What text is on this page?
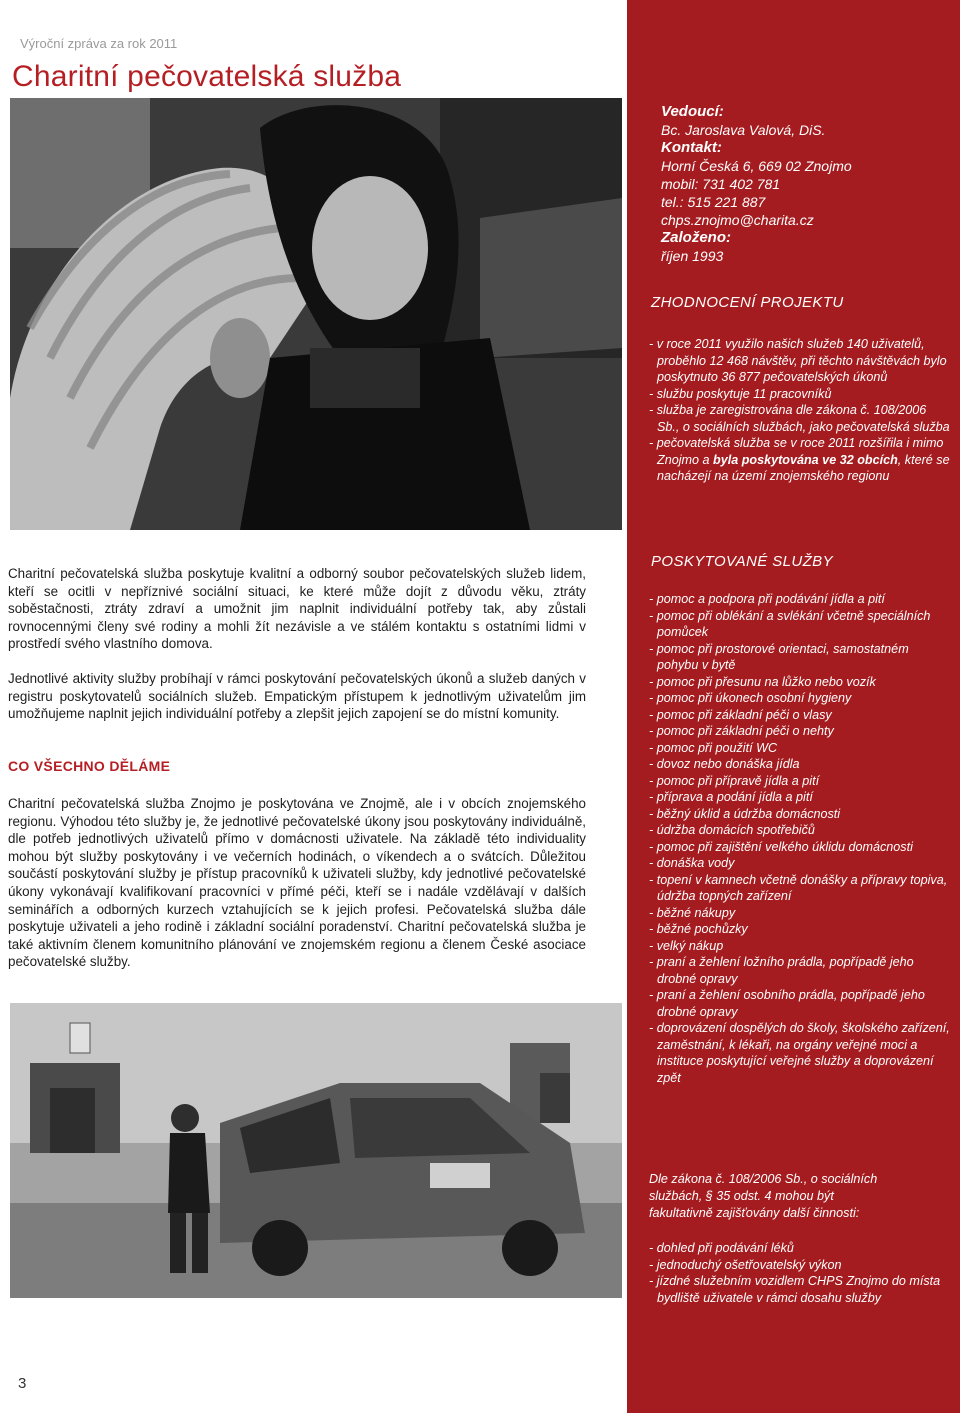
Výroční zpráva za rok 2011
Charitní pečovatelská služba

Charitní pečovatelská služba poskytuje kvalitní a odborný soubor pečovatelských služeb lidem, kteří se ocitli v nepříznivé sociální situaci, ke které může dojít z důvodu věku, ztráty soběstačnosti, ztráty zdraví a umožnit jim naplnit individuální potřeby tak, aby zůstali rovnocennými členy své rodiny a mohli žít nezávisle a ve stálém kontaktu s ostatními lidmi v prostředí svého vlastního domova.

Jednotlivé aktivity služby probíhají v rámci poskytování pečovatelských úkonů a služeb daných v registru poskytovatelů sociálních služeb. Empatickým přístupem k jednotlivým uživatelům jim umožňujeme naplnit jejich individuální potřeby a zlepšit jejich zapojení se do místní komunity.

CO VŠECHNO DĚLÁME

Charitní pečovatelská služba Znojmo je poskytována ve Znojmě, ale i v obcích znojemského regionu. Výhodou této služby je, že jednotlivé pečovatelské úkony jsou poskytovány individuálně, dle potřeb jednotlivých uživatelů přímo v domácnosti uživatele. Na základě této individuality mohou být služby poskytovány i ve večerních hodinách, o víkendech a o svátcích. Důležitou součástí poskytování služby je přístup pracovníků k uživateli služby, kdy jednotlivé pečovatelské úkony vykonávají kvalifikovaní pracovníci v přímé péči, kteří se i nadále vzdělávají v dalších seminářích a odborných kurzech vztahujících se k jejich profesi. Pečovatelská služba dále poskytuje uživateli a jeho rodině i základní sociální poradenství. Charitní pečovatelská služba je také aktivním členem komunitního plánování ve znojemském regionu a členem České asociace pečovatelské služby.

3
Vedoucí:
Bc. Jaroslava Valová, DiS.
Kontakt:
Horní Česká 6, 669 02 Znojmo
mobil: 731 402 781
tel.: 515 221 887
chps.znojmo@charita.cz
Založeno:
říjen 1993
ZHODNOCENÍ PROJEKTU
- v roce 2011 využilo našich služeb 140 uživatelů, proběhlo 12 468 návštěv, při těchto návštěvách bylo poskytnuto 36 877 pečovatelských úkonů
- službu poskytuje 11 pracovníků
- služba je zaregistrována dle zákona č. 108/2006 Sb., o sociálních službách, jako pečovatelská služba
- pečovatelská služba se v roce 2011 rozšířila i mimo Znojmo a byla poskytována ve 32 obcích, které se nacházejí na území znojemského regionu
POSKYTOVANÉ SLUŽBY
- pomoc a podpora při podávání jídla a pití
- pomoc při oblékání a svlékání včetně speciálních pomůcek
- pomoc při prostorové orientaci, samostatném pohybu v bytě
- pomoc při přesunu na lůžko nebo vozík
- pomoc při úkonech osobní hygieny
- pomoc při základní péči o vlasy
- pomoc při základní péči o nehty
- pomoc při použití WC
- dovoz nebo donáška jídla
- pomoc při přípravě jídla a pití
- příprava a podání jídla a pití
- běžný úklid a údržba domácnosti
- údržba domácích spotřebičů
- pomoc při zajištění velkého úklidu domácnosti
- donáška vody
- topení v kamnech včetně donášky a přípravy topiva, údržba topných zařízení
- běžné nákupy
- běžné pochůzky
- velký nákup
- praní a žehlení ložního prádla, popřípadě jeho drobné opravy
- praní a žehlení osobního prádla, popřípadě jeho drobné opravy
- doprovázení dospělých do školy, školského zařízení, zaměstnání, k lékaři, na orgány veřejné moci a instituce poskytující veřejné služby a doprovázení zpět

Dle zákona č. 108/2006 Sb., o sociálních službách, § 35 odst. 4 mohou být fakultativně zajišťovány další činnosti:

- dohled při podávání léků
- jednoduchý ošetřovatelský výkon
- jízdné služebním vozidlem CHPS Znojmo do místa bydliště uživatele v rámci dosahu služby
